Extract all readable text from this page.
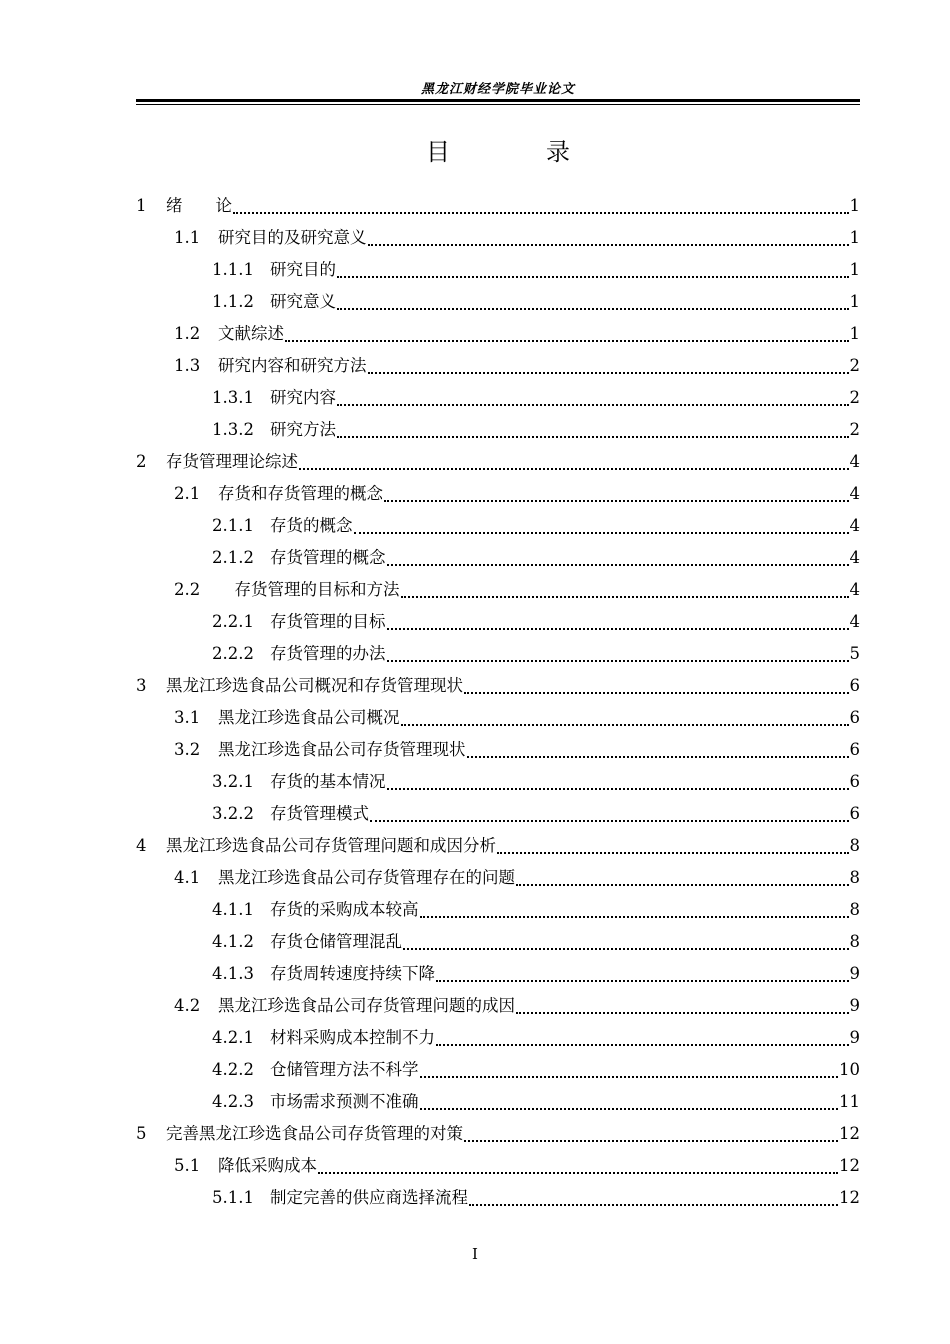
黑龙江财经学院毕业论文
目　录
1	绪　　论	1
1.1	研究目的及研究意义	1
1.1.1 研究目的	1
1.1.2 研究意义	1
1.2	文献综述	1
1.3	研究内容和研究方法	2
1.3.1 研究内容	2
1.3.2 研究方法	2
2	存货管理理论综述	4
2.1	存货和存货管理的概念	4
2.1.1 存货的概念	4
2.1.2 存货管理的概念	4
2.2	　存货管理的目标和方法	4
2.2.1 存货管理的目标	4
2.2.2 存货管理的办法	5
3	黑龙江珍选食品公司概况和存货管理现状	6
3.1	黑龙江珍选食品公司概况	6
3.2	黑龙江珍选食品公司存货管理现状	6
3.2.1 存货的基本情况	6
3.2.2 存货管理模式	6
4	黑龙江珍选食品公司存货管理问题和成因分析	8
4.1	黑龙江珍选食品公司存货管理存在的问题	8
4.1.1 存货的采购成本较高	8
4.1.2 存货仓储管理混乱	8
4.1.3 存货周转速度持续下降	9
4.2	黑龙江珍选食品公司存货管理问题的成因	9
4.2.1 材料采购成本控制不力	9
4.2.2 仓储管理方法不科学	10
4.2.3 市场需求预测不准确	11
5	完善黑龙江珍选食品公司存货管理的对策	12
5.1	降低采购成本	12
5.1.1 制定完善的供应商选择流程	12
I
